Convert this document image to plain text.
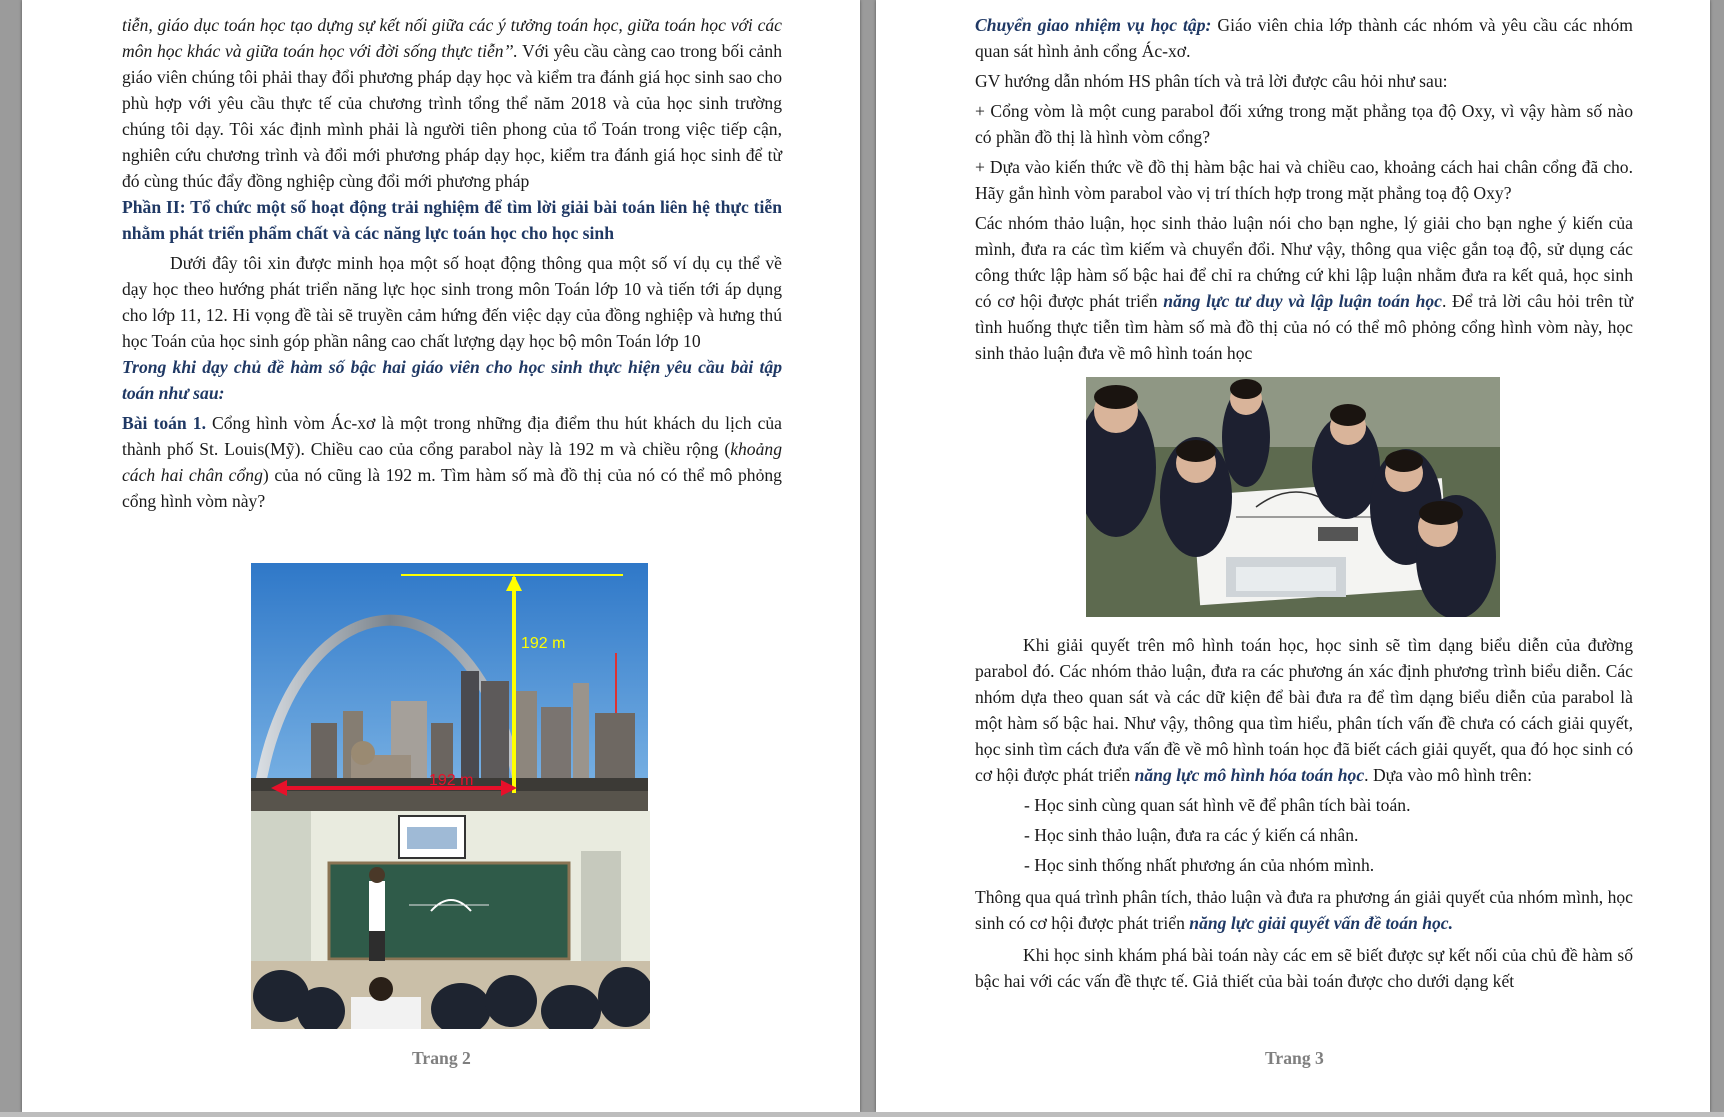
tiễn, giáo dục toán học tạo dựng sự kết nối giữa các ý tưởng toán học, giữa toán học với các môn học khác và giữa toán học với đời sống thực tiễn’’. Với yêu cầu càng cao trong bối cảnh giáo viên chúng tôi phải thay đổi phương pháp dạy học và kiểm tra đánh giá học sinh sao cho phù hợp với yêu cầu thực tế của chương trình tổng thể năm 2018 và của học sinh trường chúng tôi dạy. Tôi xác định mình phải là người tiên phong của tổ Toán trong việc tiếp cận, nghiên cứu chương trình và đổi mới phương pháp dạy học, kiểm tra đánh giá học sinh để từ đó cùng thúc đẩy đồng nghiệp cùng đổi mới phương pháp

Phần II: Tổ chức một số hoạt động trải nghiệm để tìm lời giải bài toán liên hệ thực tiễn nhằm phát triển phẩm chất và các năng lực toán học cho học sinh

Dưới đây tôi xin được minh họa một số hoạt động thông qua một số ví dụ cụ thể về dạy học theo hướng phát triển năng lực học sinh trong môn Toán lớp 10 và tiến tới áp dụng cho lớp 11, 12. Hi vọng đề tài sẽ truyền cảm hứng đến việc dạy của đồng nghiệp và hưng thú học Toán của học sinh góp phần nâng cao chất lượng dạy học bộ môn Toán lớp 10

Trong khi dạy chủ đề hàm số bậc hai giáo viên cho học sinh thực hiện yêu cầu bài tập toán như sau:

Bài toán 1. Cổng hình vòm Ác-xơ là một trong những địa điểm thu hút khách du lịch của thành phố St. Louis(Mỹ). Chiều cao của cổng parabol này là 192 m và chiều rộng (khoảng cách hai chân cổng) của nó cũng là 192 m. Tìm hàm số mà đồ thị của nó có thể mô phỏng cổng hình vòm này?

192 m
192 m
Trang 2

Chuyển giao nhiệm vụ học tập: Giáo viên chia lớp thành các nhóm và yêu cầu các nhóm quan sát hình ảnh cổng Ác-xơ.

GV hướng dẫn nhóm HS phân tích và trả lời được câu hỏi như sau:

+ Cổng vòm là một cung parabol đối xứng trong mặt phẳng tọa độ Oxy, vì vậy hàm số nào có phần đồ thị là hình vòm cổng?

+ Dựa vào kiến thức về đồ thị hàm bậc hai và chiều cao, khoảng cách hai chân cổng đã cho. Hãy gắn hình vòm parabol vào vị trí thích hợp trong mặt phẳng toạ độ Oxy?

Các nhóm thảo luận, học sinh thảo luận nói cho bạn nghe, lý giải cho bạn nghe ý kiến của mình, đưa ra các tìm kiếm và chuyển đổi. Như vậy, thông qua việc gắn toạ độ, sử dụng các công thức lập hàm số bậc hai để chỉ ra chứng cứ khi lập luận nhằm đưa ra kết quả, học sinh có cơ hội được phát triển năng lực tư duy và lập luận toán học. Để trả lời câu hỏi trên từ tình huống thực tiễn tìm hàm số mà đồ thị của nó có thể mô phỏng cổng hình vòm này, học sinh thảo luận đưa về mô hình toán học

Khi giải quyết trên mô hình toán học, học sinh sẽ tìm dạng biểu diễn của đường parabol đó. Các nhóm thảo luận, đưa ra các phương án xác định phương trình biểu diễn. Các nhóm dựa theo quan sát và các dữ kiện để bài đưa ra để tìm dạng biểu diễn của parabol là một hàm số bậc hai. Như vậy, thông qua tìm hiểu, phân tích vấn đề chưa có cách giải quyết, học sinh tìm cách đưa vấn đề về mô hình toán học đã biết cách giải quyết, qua đó học sinh có cơ hội được phát triển năng lực mô hình hóa toán học. Dựa vào mô hình trên:

- Học sinh cùng quan sát hình vẽ để phân tích bài toán.

- Học sinh thảo luận, đưa ra các ý kiến cá nhân.

- Học sinh thống nhất phương án của nhóm mình.

Thông qua quá trình phân tích, thảo luận và đưa ra phương án giải quyết của nhóm mình, học sinh có cơ hội được phát triển năng lực giải quyết vấn đề toán học.

Khi học sinh khám phá bài toán này các em sẽ biết được sự kết nối của chủ đề hàm số bậc hai với các vấn đề thực tế. Giả thiết của bài toán được cho dưới dạng kết

Trang 3
